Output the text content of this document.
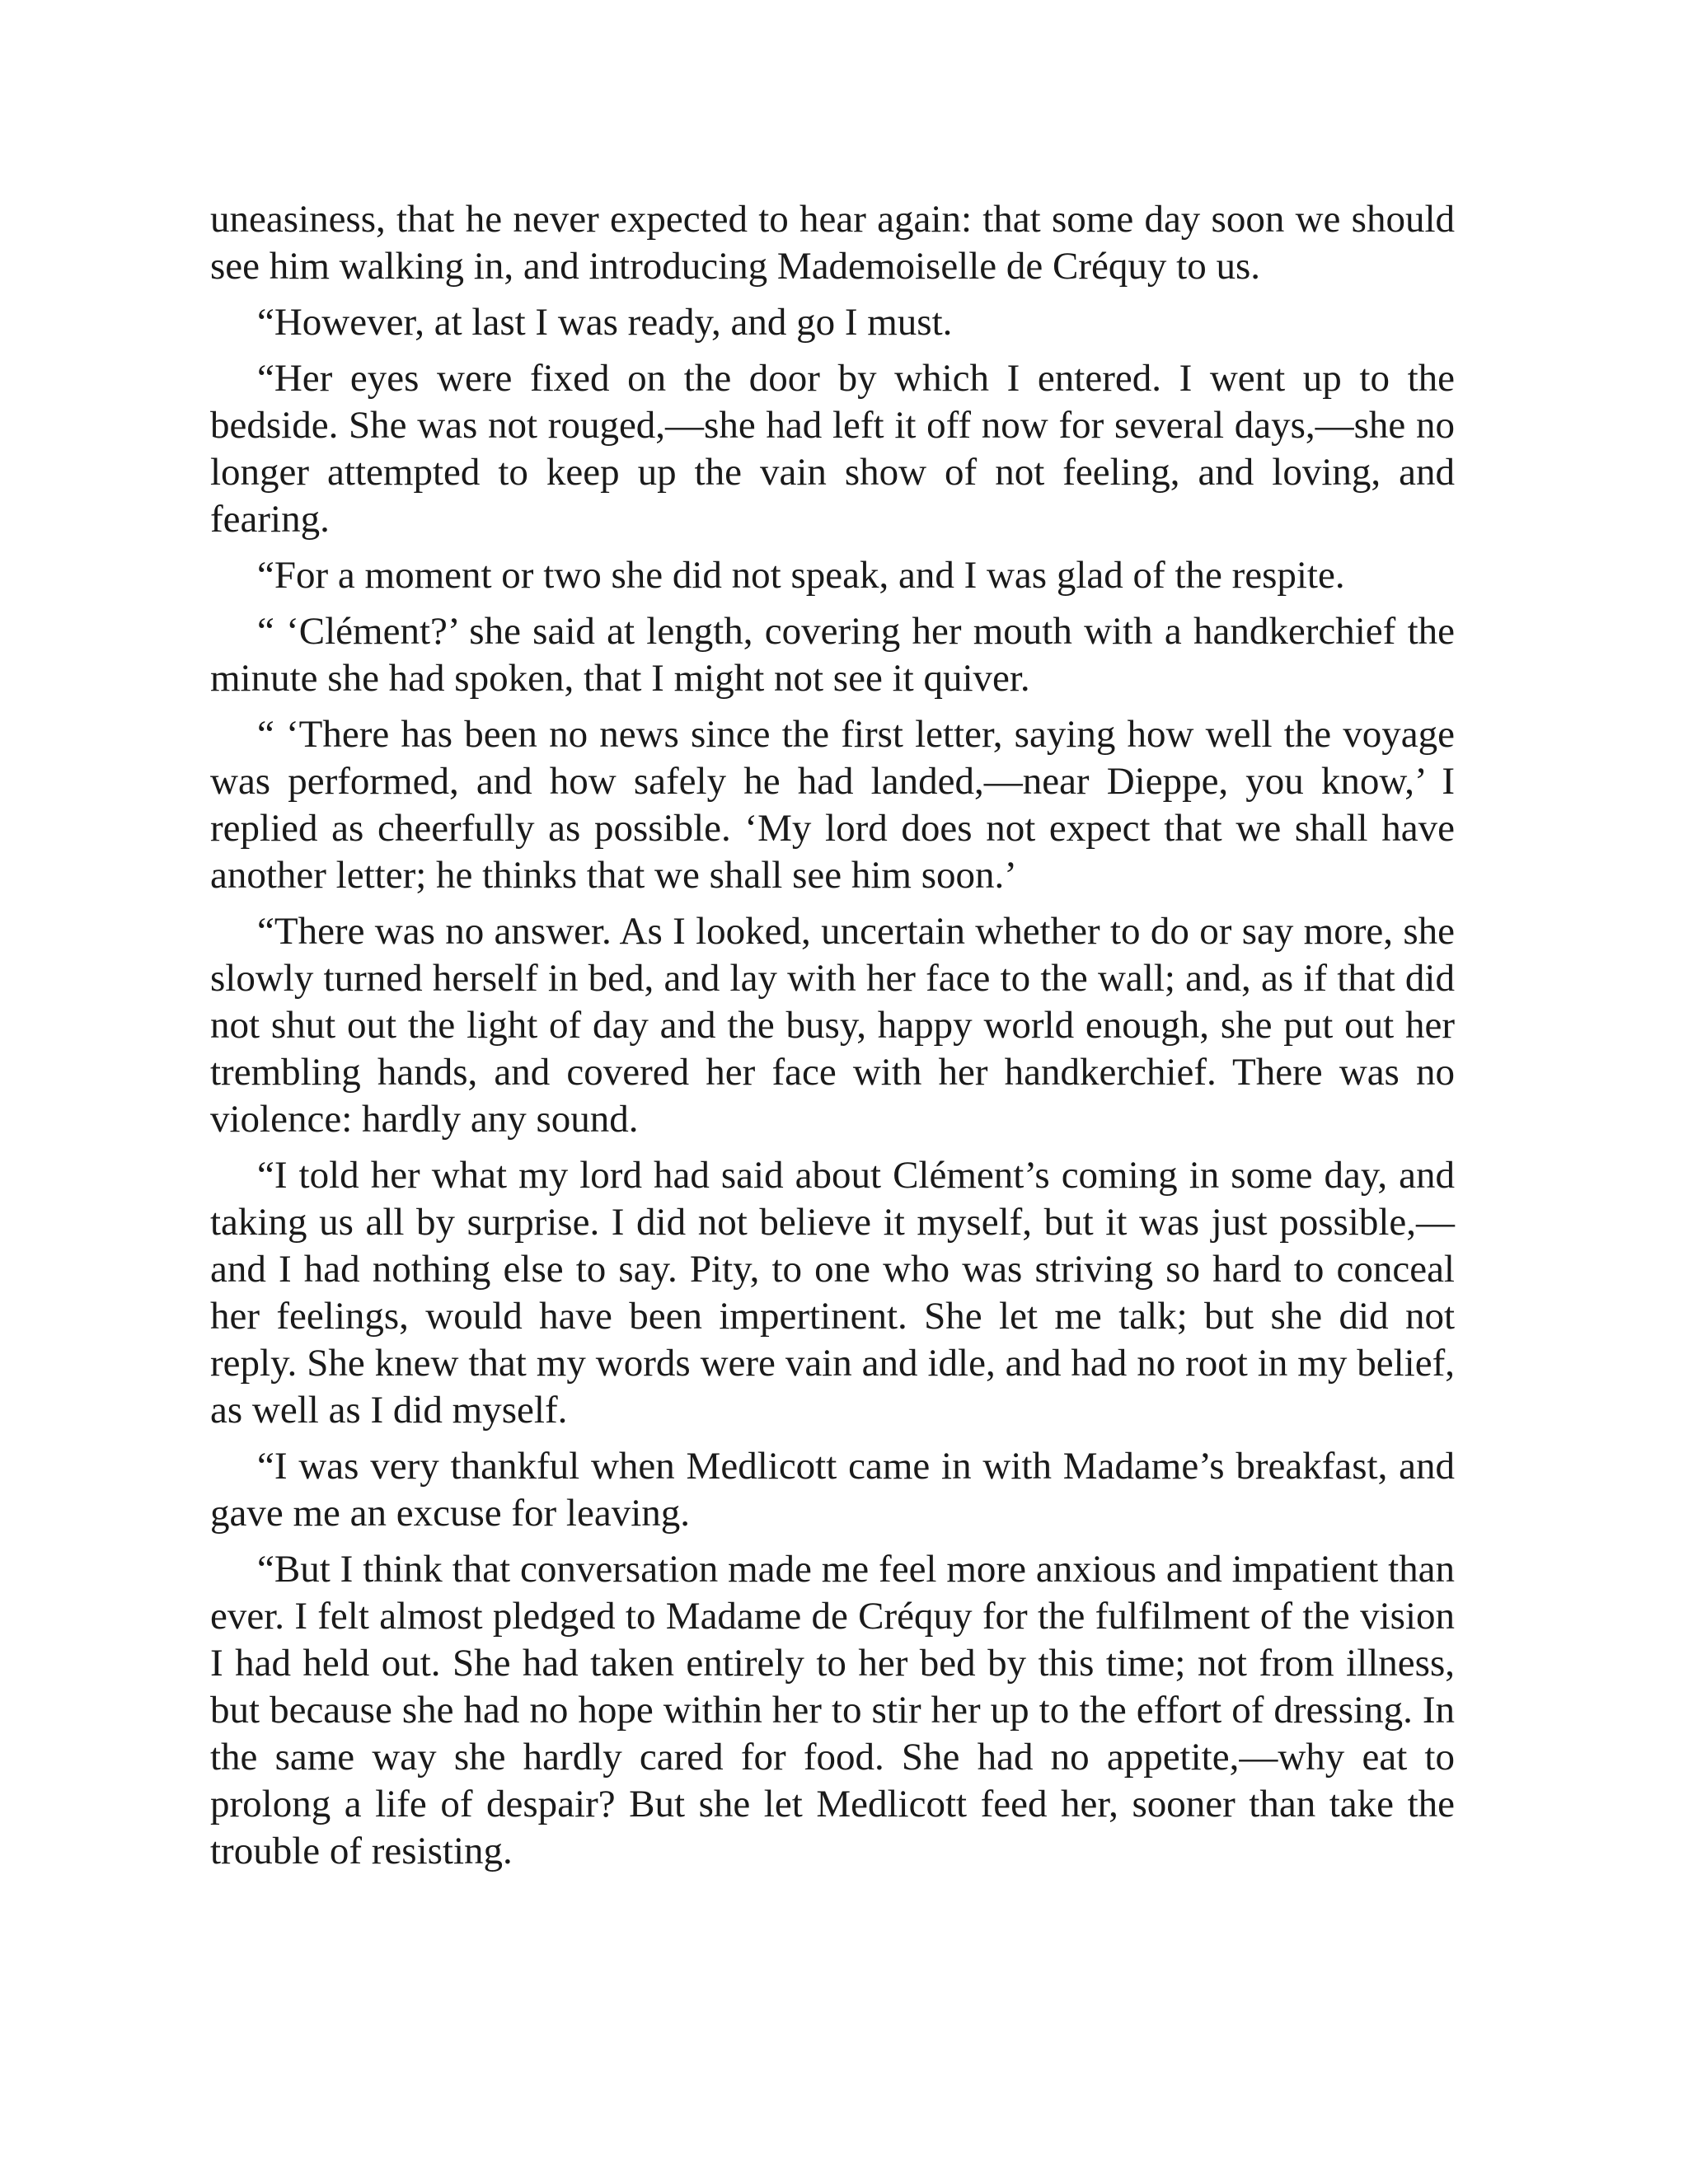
uneasiness, that he never expected to hear again: that some day soon we should see him walking in, and introducing Mademoiselle de Créquy to us.

“However, at last I was ready, and go I must.

“Her eyes were fixed on the door by which I entered. I went up to the bedside. She was not rouged,—she had left it off now for several days,—she no longer attempted to keep up the vain show of not feeling, and loving, and fearing.

“For a moment or two she did not speak, and I was glad of the respite.

“ ‘Clément?’ she said at length, covering her mouth with a handkerchief the minute she had spoken, that I might not see it quiver.

“ ‘There has been no news since the first letter, saying how well the voyage was performed, and how safely he had landed,—near Dieppe, you know,’ I replied as cheerfully as possible. ‘My lord does not expect that we shall have another letter; he thinks that we shall see him soon.’

“There was no answer. As I looked, uncertain whether to do or say more, she slowly turned herself in bed, and lay with her face to the wall; and, as if that did not shut out the light of day and the busy, happy world enough, she put out her trembling hands, and covered her face with her handkerchief. There was no violence: hardly any sound.

“I told her what my lord had said about Clément’s coming in some day, and taking us all by surprise. I did not believe it myself, but it was just possible,—and I had nothing else to say. Pity, to one who was striving so hard to conceal her feelings, would have been impertinent. She let me talk; but she did not reply. She knew that my words were vain and idle, and had no root in my belief, as well as I did myself.

“I was very thankful when Medlicott came in with Madame’s breakfast, and gave me an excuse for leaving.

“But I think that conversation made me feel more anxious and impatient than ever. I felt almost pledged to Madame de Créquy for the fulfilment of the vision I had held out. She had taken entirely to her bed by this time; not from illness, but because she had no hope within her to stir her up to the effort of dressing. In the same way she hardly cared for food. She had no appetite,—why eat to prolong a life of despair? But she let Medlicott feed her, sooner than take the trouble of resisting.
